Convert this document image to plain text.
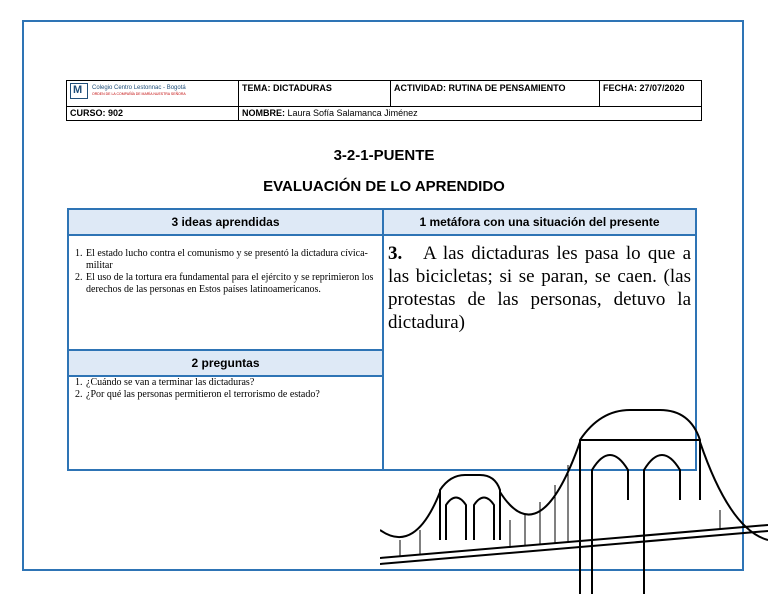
M
Colegio Centro Lestonnac - Bogotá
ORDEN DE LA COMPAÑÍA DE MARÍA NUESTRA SEÑORA	TEMA: DICTADURAS	ACTIVIDAD: RUTINA DE PENSAMIENTO	FECHA: 27/07/2020
CURSO: 902	NOMBRE: Laura Sofía Salamanca Jiménez		
3-2-1-PUENTE
EVALUACIÓN DE LO APRENDIDO
3 ideas aprendidas
1. El estado lucho contra el comunismo y se presentó la dictadura cívica-militar
2. El uso de la tortura era fundamental para el ejército y se reprimieron los derechos de las personas en Estos países latinoamericanos.
2 preguntas
1. ¿Cuándo se van a terminar las dictaduras?
2. ¿Por qué las personas permitieron el terrorismo de estado?
1 metáfora con una situación del presente
3. A las dictaduras les pasa lo que a las bicicletas; si se paran, se caen. (las protestas de las personas, detuvo la dictadura)
